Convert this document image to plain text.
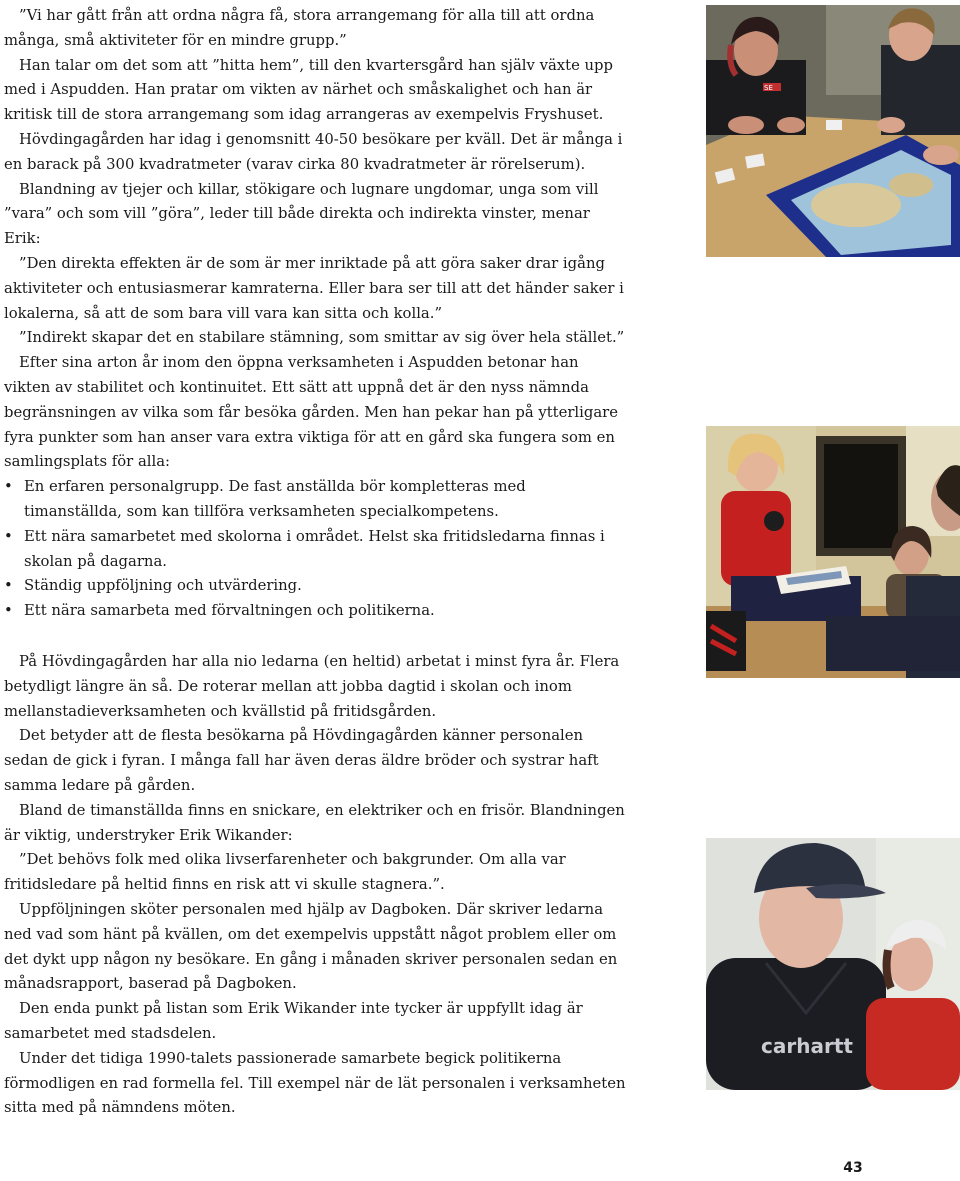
”Vi har gått från att ordna några få, stora arrangemang för alla till att ordna många, små aktiviteter för en mindre grupp.”

Han talar om det som att ”hitta hem”, till den kvartersgård han själv växte upp med i Aspudden. Han pratar om vikten av närhet och småskalighet och han är kritisk till de stora arrangemang som idag arrangeras av exempelvis Fryshuset.

Hövdingagården har idag i genomsnitt 40-50 besökare per kväll. Det är många i en barack på 300 kvadratmeter (varav cirka 80 kvadratmeter är rörelserum).

Blandning av tjejer och killar, stökigare och lugnare ungdomar, unga som vill ”vara” och som vill ”göra”, leder till både direkta och indirekta vinster, menar Erik:

”Den direkta effekten är de som är mer inriktade på att göra saker drar igång aktiviteter och entusiasmerar kamraterna. Eller bara ser till att det händer saker i lokalerna, så att de som bara vill vara kan sitta och kolla.”

”Indirekt skapar det en stabilare stämning, som smittar av sig över hela stället.”

Efter sina arton år inom den öppna verksamheten i Aspudden betonar han vikten av stabilitet och kontinuitet. Ett sätt att uppnå det är den nyss nämnda begränsningen av vilka som får besöka gården. Men han pekar han på ytterligare fyra punkter som han anser vara extra viktiga för att en gård ska fungera som en samlingsplats för alla:

• En erfaren personalgrupp. De fast anställda bör kompletteras med timanställda, som kan tillföra verksamheten specialkompetens.
• Ett nära samarbetet med skolorna i området. Helst ska fritidsledarna finnas i skolan på dagarna.
• Ständig uppföljning och utvärdering.
• Ett nära samarbeta med förvaltningen och politikerna.

På Hövdingagården har alla nio ledarna (en heltid) arbetat i minst fyra år. Flera betydligt längre än så. De roterar mellan att jobba dagtid i skolan och inom mellanstadieverksamheten och kvällstid på fritidsgården.

Det betyder att de flesta besökarna på Hövdingagården känner personalen sedan de gick i fyran. I många fall har även deras äldre bröder och systrar haft samma ledare på gården.

Bland de timanställda finns en snickare, en elektriker och en frisör. Blandningen är viktig, understryker Erik Wikander:

”Det behövs folk med olika livserfarenheter och bakgrunder. Om alla var fritidsledare på heltid finns en risk att vi skulle stagnera.”.

Uppföljningen sköter personalen med hjälp av Dagboken. Där skriver ledarna ned vad som hänt på kvällen, om det exempelvis uppstått något problem eller om det dykt upp någon ny besökare. En gång i månaden skriver personalen sedan en månadsrapport, baserad på Dagboken.

Den enda punkt på listan som Erik Wikander inte tycker är uppfyllt idag är samarbetet med stadsdelen.

Under det tidiga 1990-talets passionerade samarbete begick politikerna förmodligen en rad formella fel. Till exempel när de lät personalen i verksamheten sitta med på nämndens möten.

SE
carhartt
43
